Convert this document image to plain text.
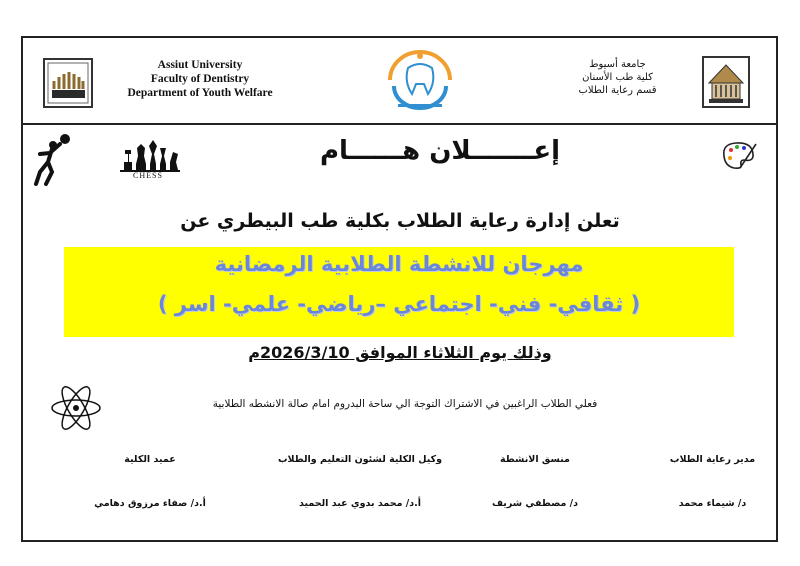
Assiut University
Faculty of Dentistry
Department of Youth Welfare
جامعة أسيوط
كلية طب الأسنان
قسم رعاية الطلاب
CHESS
إعـــــــلان هــــــام
تعلن إدارة رعاية الطلاب بكلية طب البيطري عن
مهرجان للانشطة الطلابية الرمضانية
( ثقافي- فني- اجتماعي –رياضي- علمي- اسر )
وذلك يوم الثلاثاء الموافق 2026/3/10م
فعلي الطلاب الراغبين في الاشتراك التوجة الي ساحة البدروم امام صالة الانشطه الطلابية
مدير رعاية الطلاب
د/ شيماء محمد
منسق الانشطة
د/ مصطفي شريف
وكيل الكلية لشئون التعليم والطلاب
أ.د/ محمد بدوي عبد الحميد
عميد الكلية
أ.د/ صفاء مرزوق دهامي
